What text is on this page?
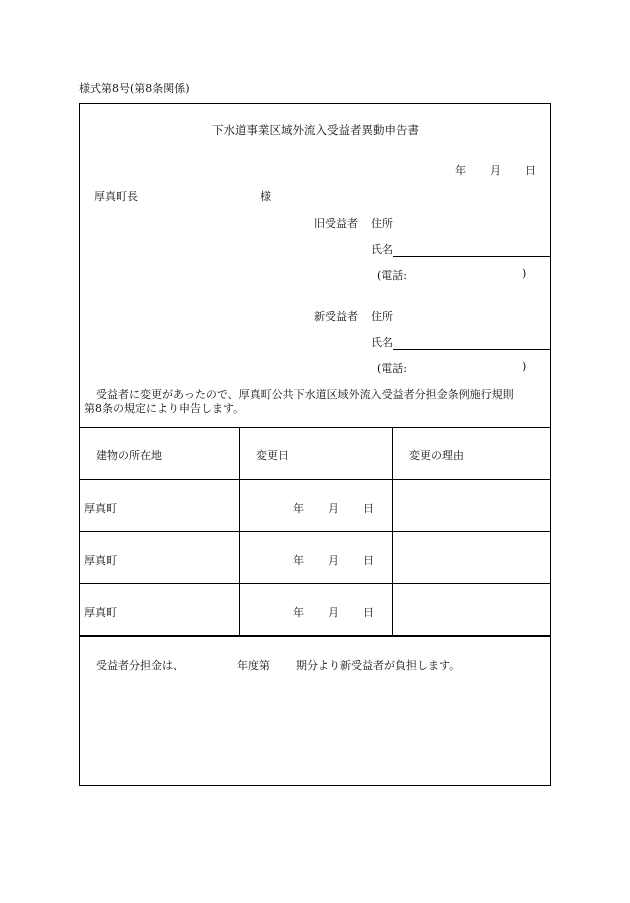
様式第8号(第8条関係)
下水道事業区域外流入受益者異動申告書
年 月 日
厚真町長	様
旧受益者 住所
氏名
(電話:	)
新受益者 住所
氏名
(電話:	)
受益者に変更があったので、厚真町公共下水道区域外流入受益者分担金条例施行規則
第8条の規定により申告します。
建物の所在地	変更日	変更の理由
厚真町	年 月 日
厚真町	年 月 日
厚真町	年 月 日
受益者分担金は、	年度第 期分より新受益者が負担します。
